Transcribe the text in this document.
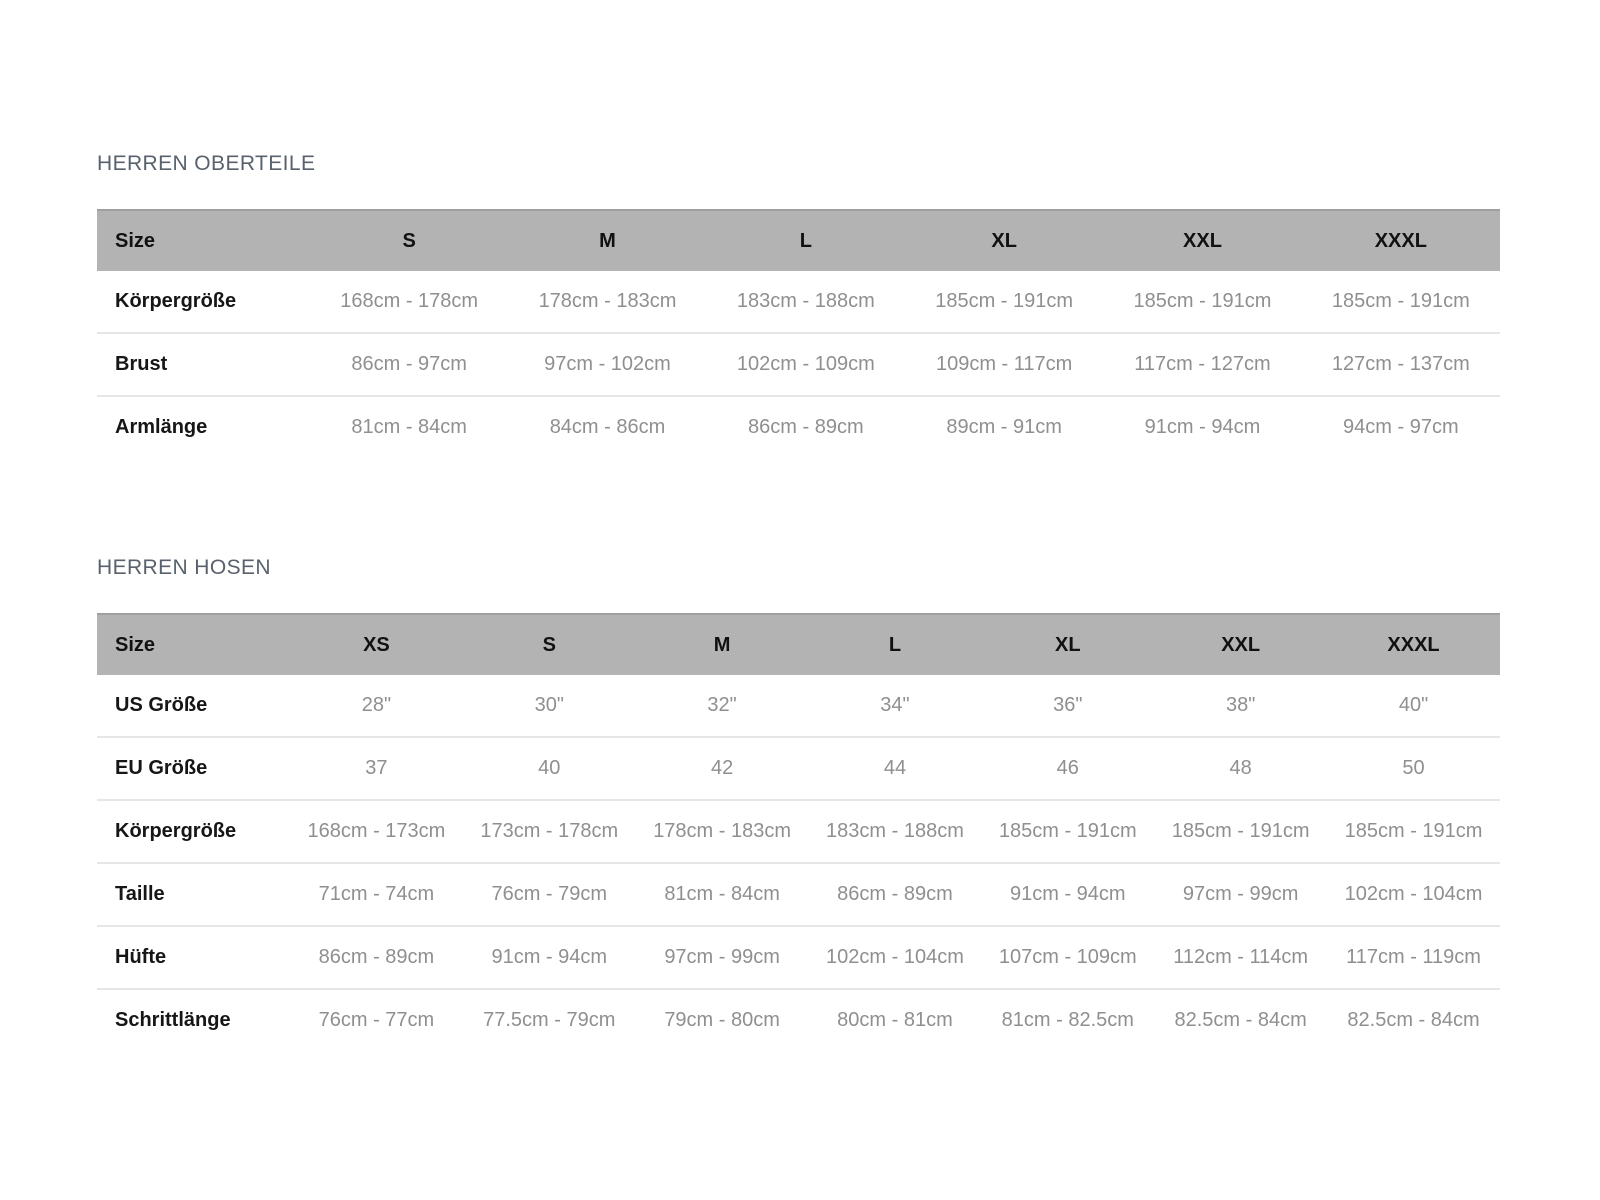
HERREN OBERTEILE
Size	S	M	L	XL	XXL	XXXL
Körpergröße	168cm - 178cm	178cm - 183cm	183cm - 188cm	185cm - 191cm	185cm - 191cm	185cm - 191cm
Brust	86cm - 97cm	97cm - 102cm	102cm - 109cm	109cm - 117cm	117cm - 127cm	127cm - 137cm
Armlänge	81cm - 84cm	84cm - 86cm	86cm - 89cm	89cm - 91cm	91cm - 94cm	94cm - 97cm
HERREN HOSEN
Size	XS	S	M	L	XL	XXL	XXXL
US Größe	28"	30"	32"	34"	36"	38"	40"
EU Größe	37	40	42	44	46	48	50
Körpergröße	168cm - 173cm	173cm - 178cm	178cm - 183cm	183cm - 188cm	185cm - 191cm	185cm - 191cm	185cm - 191cm
Taille	71cm - 74cm	76cm - 79cm	81cm - 84cm	86cm - 89cm	91cm - 94cm	97cm - 99cm	102cm - 104cm
Hüfte	86cm - 89cm	91cm - 94cm	97cm - 99cm	102cm - 104cm	107cm - 109cm	112cm - 114cm	117cm - 119cm
Schrittlänge	76cm - 77cm	77.5cm - 79cm	79cm - 80cm	80cm - 81cm	81cm - 82.5cm	82.5cm - 84cm	82.5cm - 84cm
